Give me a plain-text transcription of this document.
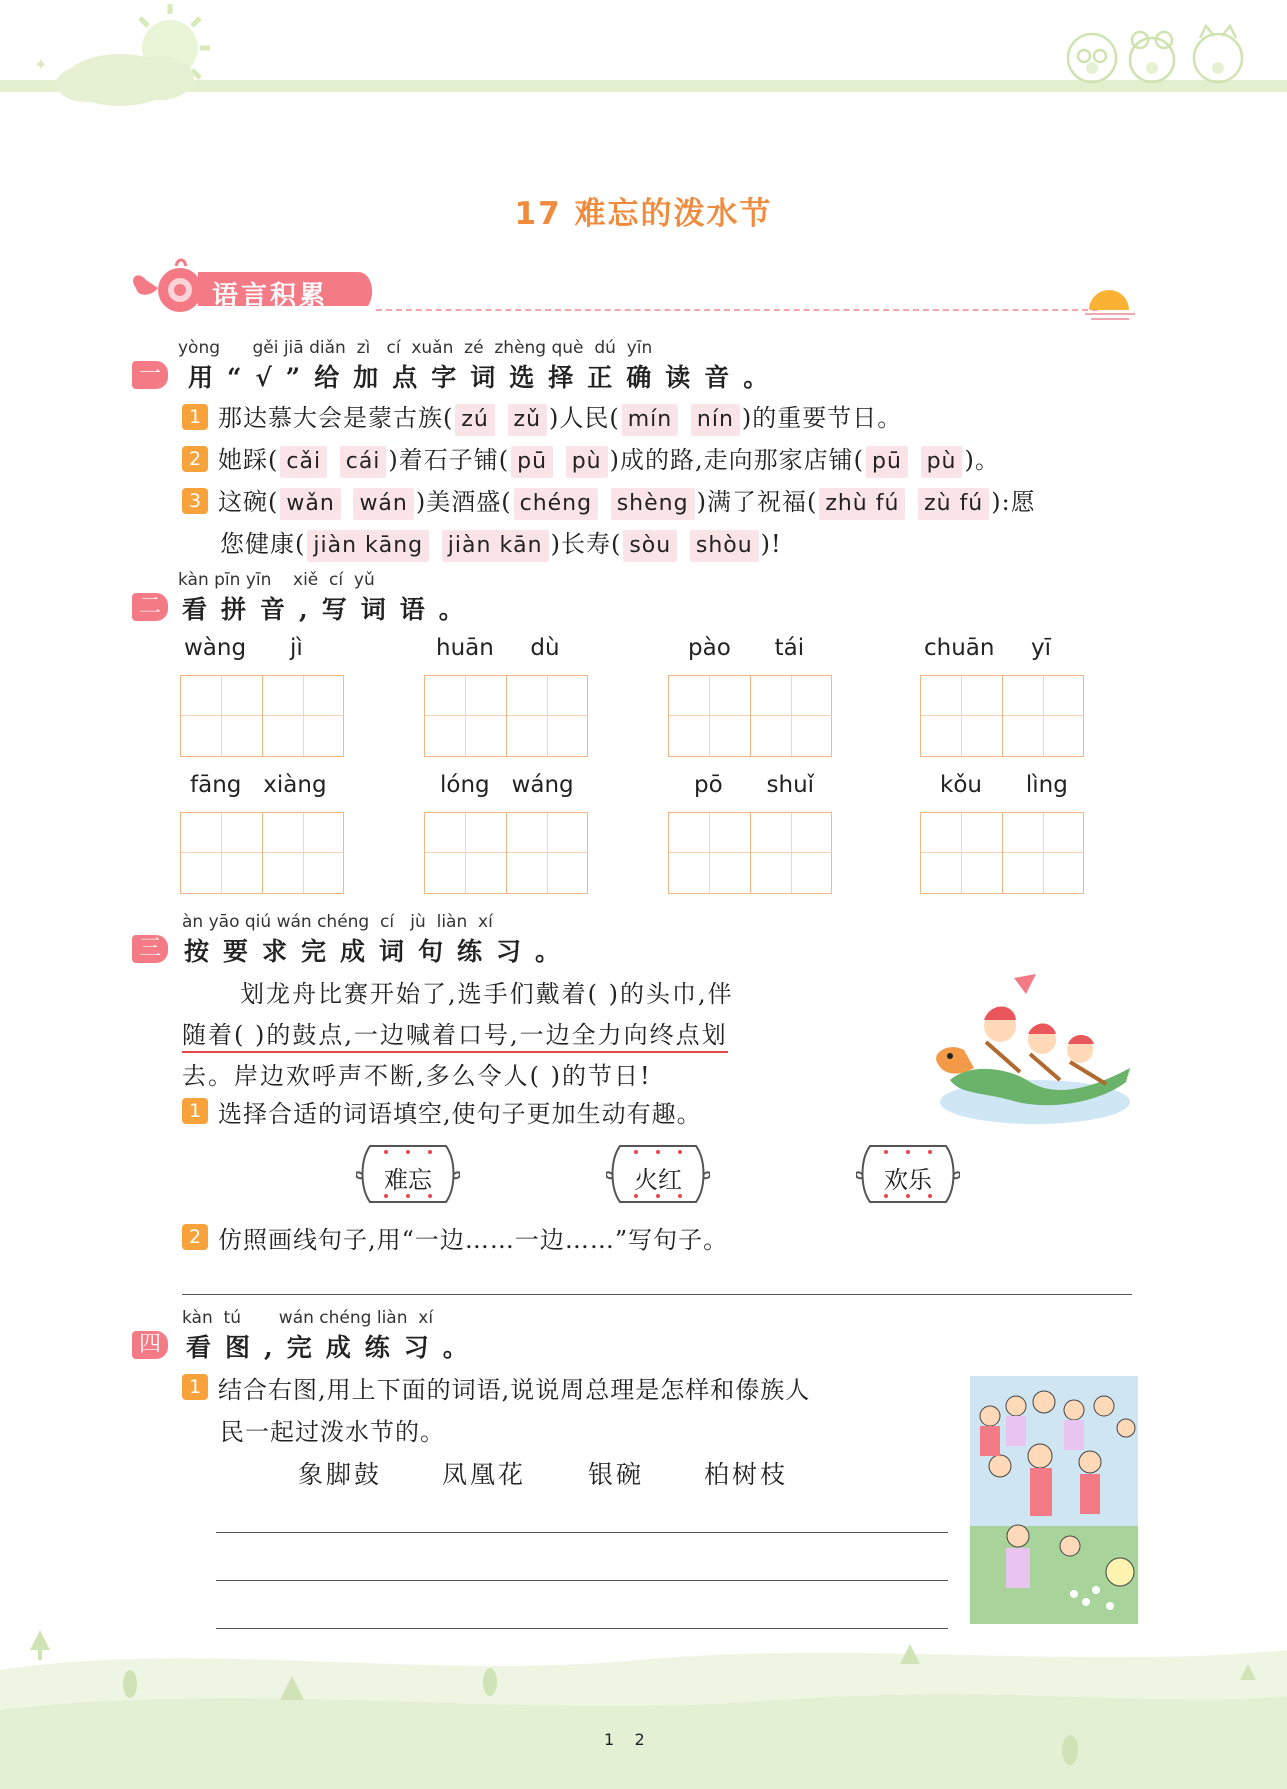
✦
17 难忘的泼水节
语言积累
yòng      gěi jiā diǎn  zì   cí  xuǎn  zé  zhèng què  dú  yīn
一 用“√”给加点字词选择正确读音。
1 那达慕大会是蒙古族( zú zǔ )人民( mín nín )的重要节日。
2 她踩( cǎi cái )着石子铺( pū pù )成的路,走向那家店铺( pū pù )。
3 这碗( wǎn wán )美酒盛( chéng shèng )满了祝福( zhù fú zù fú ):愿
您健康( jiàn kāng jiàn kān )长寿( sòu shòu )!
kàn pīn yīn    xiě  cí  yǔ
二 看拼音,写词语。
wàng      jì	huān     dù	pào      tái	chuān     yī
fāng   xiàng	lóng   wáng	pō      shuǐ	kǒu      lìng
àn yāo qiú wán chéng  cí   jù  liàn  xí
三 按要求完成词句练习。
划龙舟比赛开始了,选手们戴着( )的头巾,伴
随着( )的鼓点,一边喊着口号,一边全力向终点划
去。岸边欢呼声不断,多么令人( )的节日!
1 选择合适的词语填空,使句子更加生动有趣。
难忘	火红	欢乐
2 仿照画线句子,用“一边……一边……”写句子。
kàn  tú       wán chéng liàn  xí
四 看图,完成练习。
1 结合右图,用上下面的词语,说说周总理是怎样和傣族人
民一起过泼水节的。
象脚鼓 凤凰花 银碗 柏树枝
1    2
